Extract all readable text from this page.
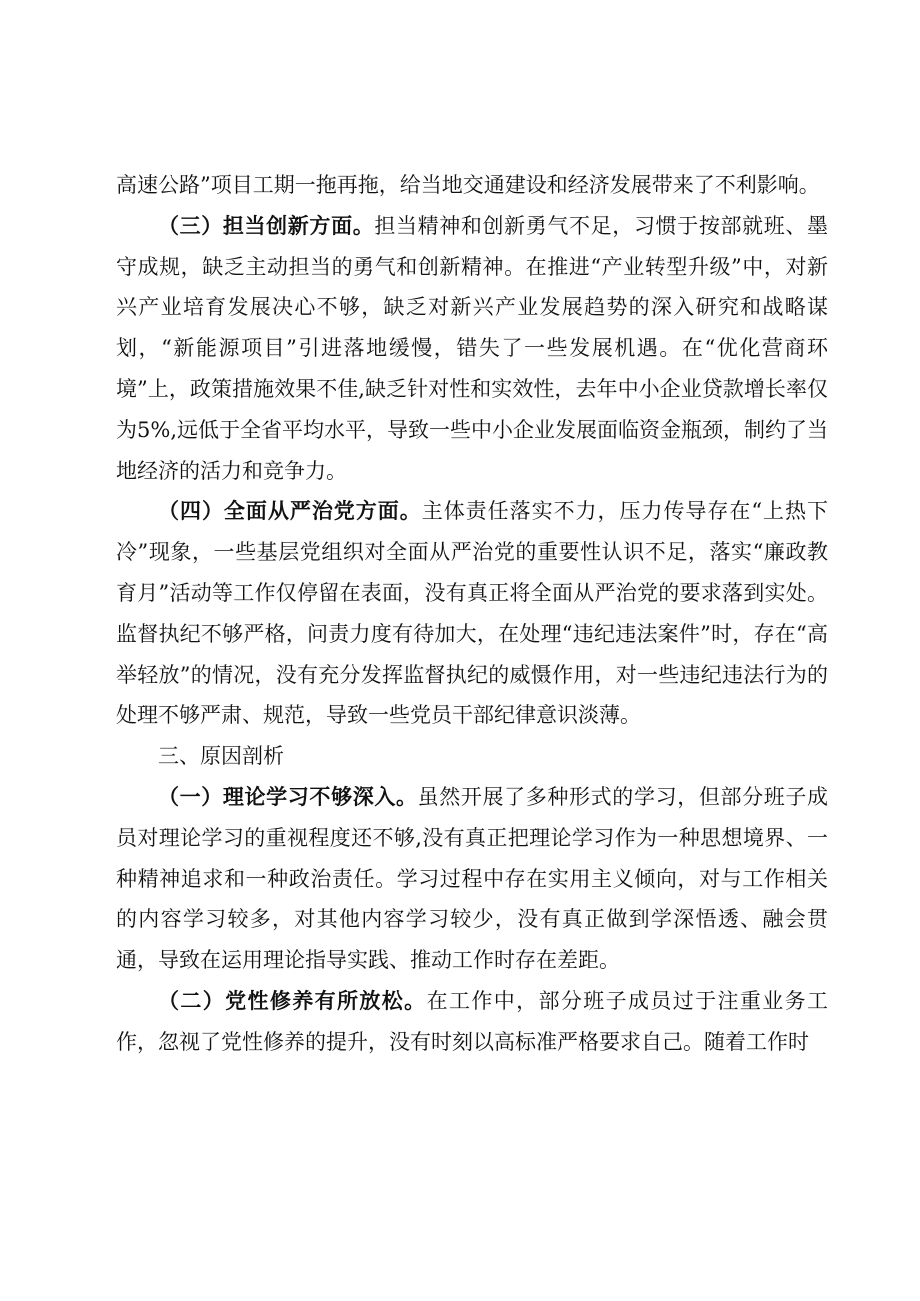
高速公路”项目工期一拖再拖，给当地交通建设和经济发展带来了不利影响。

（三）担当创新方面。担当精神和创新勇气不足，习惯于按部就班、墨守成规，缺乏主动担当的勇气和创新精神。在推进“产业转型升级”中，对新兴产业培育发展决心不够，缺乏对新兴产业发展趋势的深入研究和战略谋划，“新能源项目”引进落地缓慢，错失了一些发展机遇。在“优化营商环境”上，政策措施效果不佳,缺乏针对性和实效性，去年中小企业贷款增长率仅为5%,远低于全省平均水平，导致一些中小企业发展面临资金瓶颈，制约了当地经济的活力和竞争力。

（四）全面从严治党方面。主体责任落实不力，压力传导存在“上热下冷”现象，一些基层党组织对全面从严治党的重要性认识不足，落实“廉政教育月”活动等工作仅停留在表面，没有真正将全面从严治党的要求落到实处。监督执纪不够严格，问责力度有待加大，在处理“违纪违法案件”时，存在“高举轻放”的情况，没有充分发挥监督执纪的威慑作用，对一些违纪违法行为的处理不够严肃、规范，导致一些党员干部纪律意识淡薄。

三、原因剖析

（一）理论学习不够深入。虽然开展了多种形式的学习，但部分班子成员对理论学习的重视程度还不够,没有真正把理论学习作为一种思想境界、一种精神追求和一种政治责任。学习过程中存在实用主义倾向，对与工作相关的内容学习较多，对其他内容学习较少，没有真正做到学深悟透、融会贯通，导致在运用理论指导实践、推动工作时存在差距。

（二）党性修养有所放松。在工作中，部分班子成员过于注重业务工作，忽视了党性修养的提升，没有时刻以高标准严格要求自己。随着工作时
